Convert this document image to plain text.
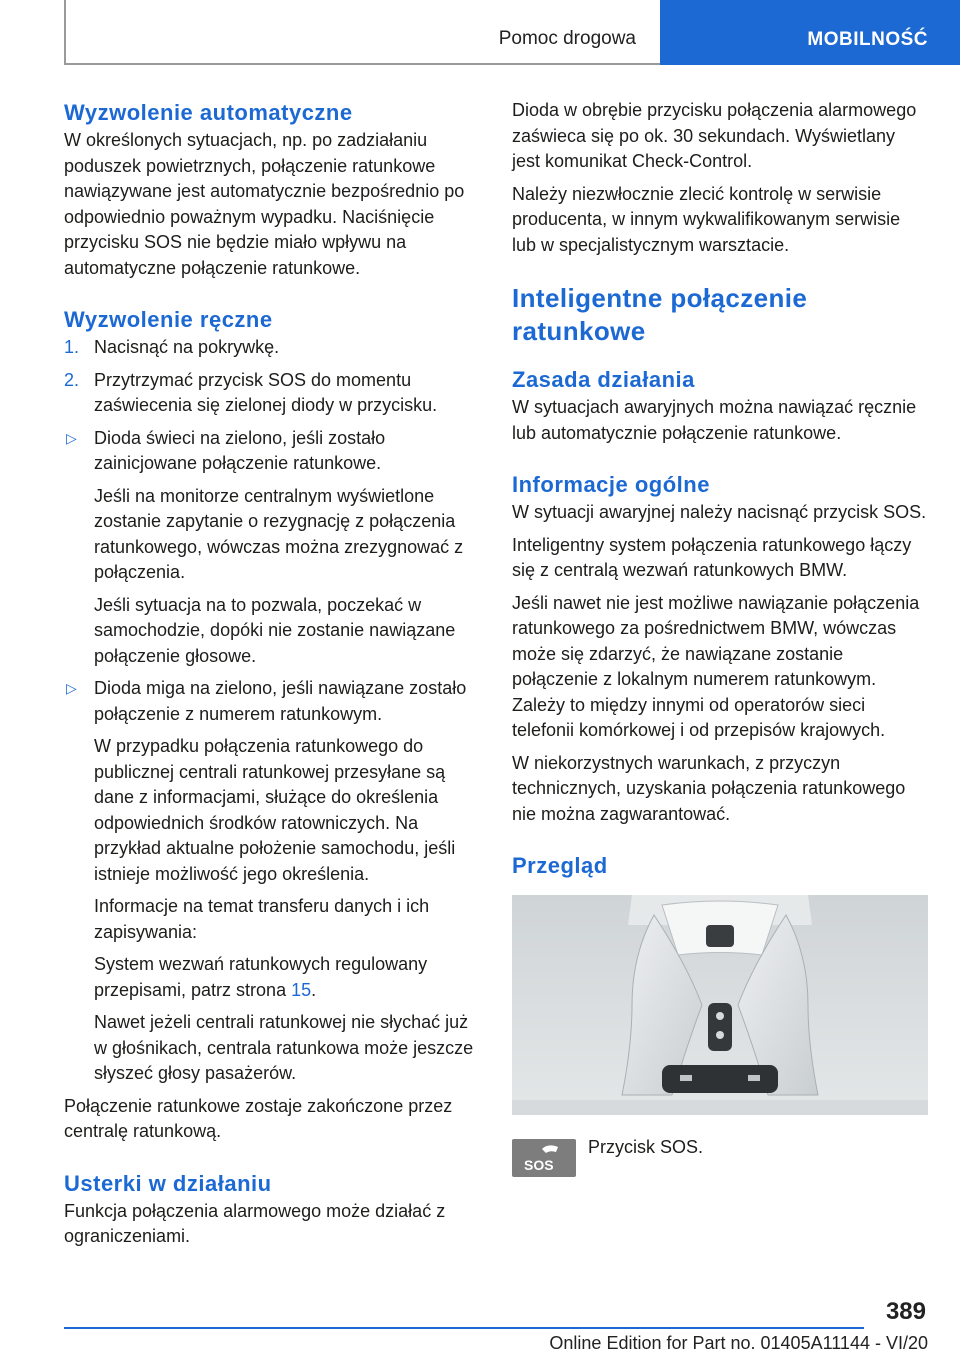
Pomoc drogowa	MOBILNOŚĆ
Wyzwolenie automatyczne

W określonych sytuacjach, np. po zadziałaniu poduszek powietrznych, połączenie ratunkowe nawiązywane jest automatycznie bezpośrednio po odpowiednio poważnym wypadku. Naciśnięcie przycisku SOS nie będzie miało wpływu na automatyczne połączenie ratunkowe.

Wyzwolenie ręczne
1. Nacisnąć na pokrywkę.
2. Przytrzymać przycisk SOS do momentu zaświecenia się zielonej diody w przycisku.
▷ Dioda świeci na zielono, jeśli zostało zainicjowane połączenie ratunkowe.

Jeśli na monitorze centralnym wyświetlone zostanie zapytanie o rezygnację z połączenia ratunkowego, wówczas można zrezygnować z połączenia.

Jeśli sytuacja na to pozwala, poczekać w samochodzie, dopóki nie zostanie nawiązane połączenie głosowe.

▷ Dioda miga na zielono, jeśli nawiązane zostało połączenie z numerem ratunkowym.

W przypadku połączenia ratunkowego do publicznej centrali ratunkowej przesyłane są dane z informacjami, służące do określenia odpowiednich środków ratowniczych. Na przykład aktualne położenie samochodu, jeśli istnieje możliwość jego określenia.

Informacje na temat transferu danych i ich zapisywania:

System wezwań ratunkowych regulowany przepisami, patrz strona 15.

Nawet jeżeli centrali ratunkowej nie słychać już w głośnikach, centrala ratunkowa może jeszcze słyszeć głosy pasażerów.

Połączenie ratunkowe zostaje zakończone przez centralę ratunkową.

Usterki w działaniu

Funkcja połączenia alarmowego może działać z ograniczeniami.

Dioda w obrębie przycisku połączenia alarmowego zaświeca się po ok. 30 sekundach. Wyświetlany jest komunikat Check-Control.

Należy niezwłocznie zlecić kontrolę w serwisie producenta, w innym wykwalifikowanym serwisie lub w specjalistycznym warsztacie.

Inteligentne połączenie ratunkowe
Zasada działania

W sytuacjach awaryjnych można nawiązać ręcznie lub automatycznie połączenie ratunkowe.

Informacje ogólne

W sytuacji awaryjnej należy nacisnąć przycisk SOS.

Inteligentny system połączenia ratunkowego łączy się z centralą wezwań ratunkowych BMW.

Jeśli nawet nie jest możliwe nawiązanie połączenia ratunkowego za pośrednictwem BMW, wówczas może się zdarzyć, że nawiązane zostanie połączenie z lokalnym numerem ratunkowym. Zależy to między innymi od operatorów sieci telefonii komórkowej i od przepisów krajowych.

W niekorzystnych warunkach, z przyczyn technicznych, uzyskania połączenia ratunkowego nie można zagwarantować.

Przegląd
SOS
Przycisk SOS.
389
Online Edition for Part no. 01405A11144 - VI/20
